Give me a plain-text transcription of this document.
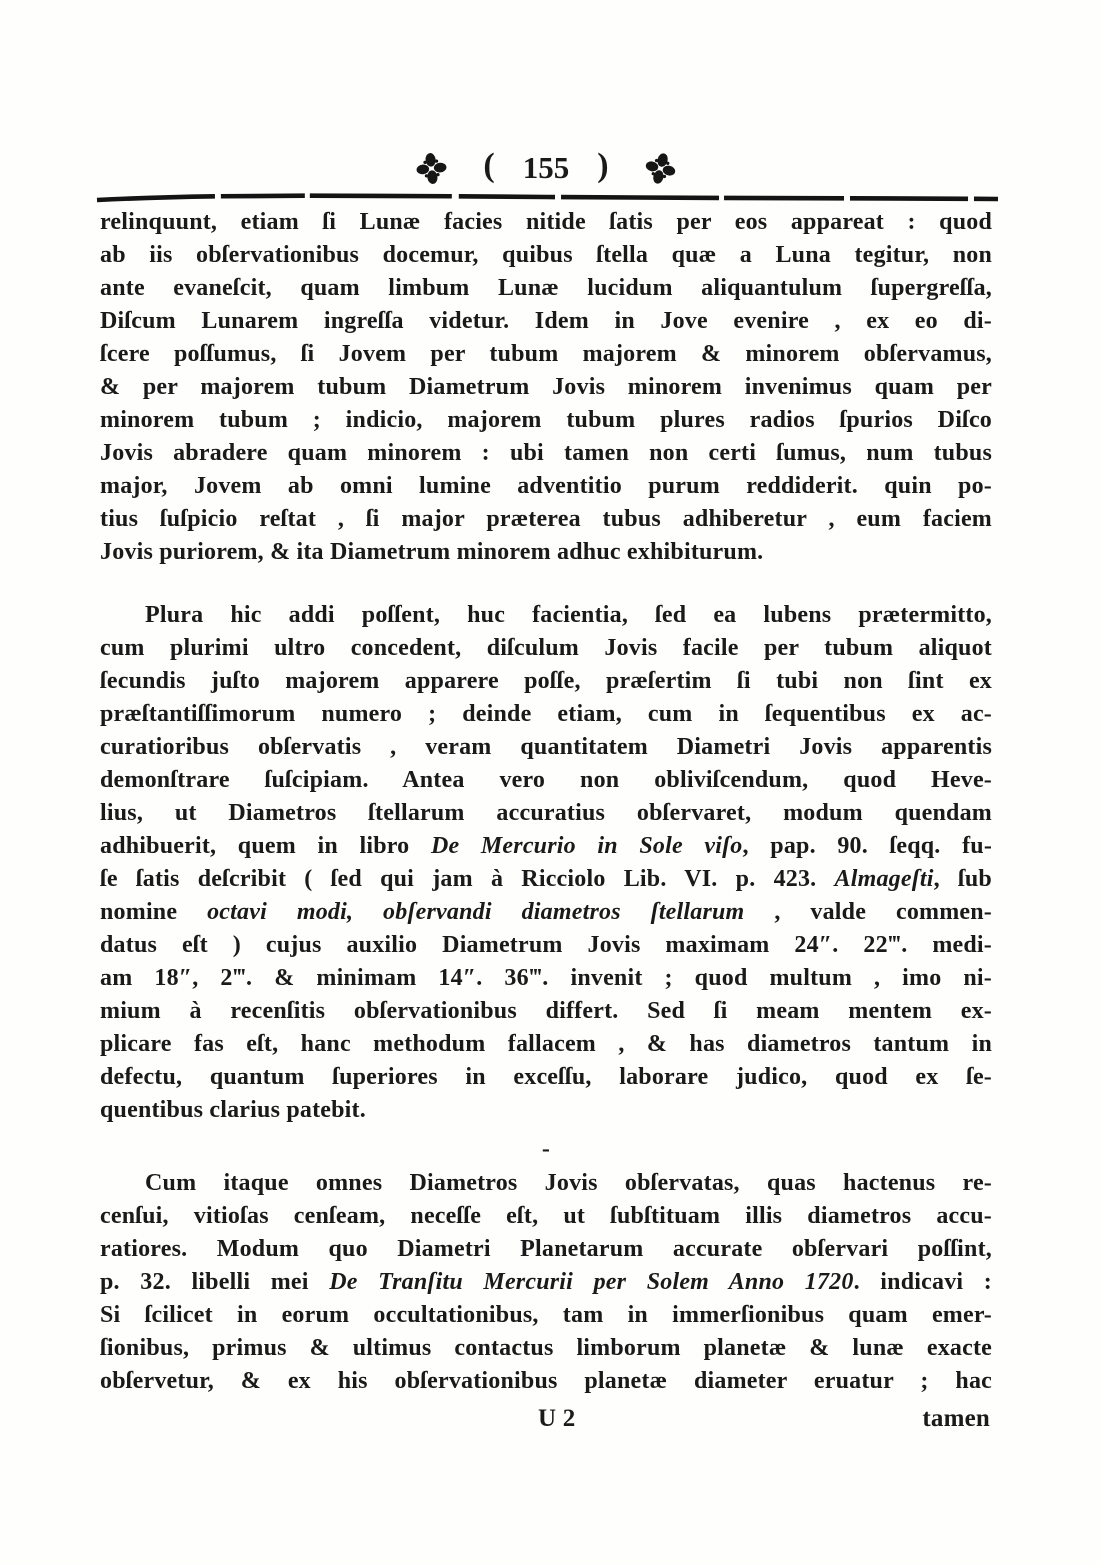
( 155 )
relinquunt, etiam ſi Lunæ facies nitide ſatis per eos appareat : quod
ab iis obſervationibus docemur, quibus ſtella quæ a Luna tegitur, non
ante evaneſcit, quam limbum Lunæ lucidum aliquantulum ſupergreſſa,
Diſcum Lunarem ingreſſa videtur. Idem in Jove evenire , ex eo di-
ſcere poſſumus, ſi Jovem per tubum majorem & minorem obſervamus,
& per majorem tubum Diametrum Jovis minorem invenimus quam per
minorem tubum ; indicio, majorem tubum plures radios ſpurios Diſco
Jovis abradere quam minorem : ubi tamen non certi ſumus, num tubus
major, Jovem ab omni lumine adventitio purum reddiderit. quin po-
tius ſuſpicio reſtat , ſi major præterea tubus adhiberetur , eum faciem
Jovis puriorem, & ita Diametrum minorem adhuc exhibiturum.
Plura hic addi poſſent, huc facientia, ſed ea lubens prætermitto,
cum plurimi ultro concedent, diſculum Jovis facile per tubum aliquot
ſecundis juſto majorem apparere poſſe, præſertim ſi tubi non ſint ex
præſtantiſſimorum numero ; deinde etiam, cum in ſequentibus ex ac-
curatioribus obſervatis , veram quantitatem Diametri Jovis apparentis
demonſtrare ſuſcipiam. Antea vero non obliviſcendum, quod Heve-
lius, ut Diametros ſtellarum accuratius obſervaret, modum quendam
adhibuerit, quem in libro De Mercurio in Sole viſo, pap. 90. ſeqq. fu-
ſe ſatis deſcribit ( ſed qui jam à Ricciolo Lib. VI. p. 423. Almageſti, ſub
nomine octavi modi, obſervandi diametros ſtellarum , valde commen-
datus eſt ) cujus auxilio Diametrum Jovis maximam 24″. 22‴. medi-
am 18″, 2‴. & minimam 14″. 36‴. invenit ; quod multum , imo ni-
mium à recenſitis obſervationibus differt. Sed ſi meam mentem ex-
plicare fas eſt, hanc methodum fallacem , & has diametros tantum in
defectu, quantum ſuperiores in exceſſu, laborare judico, quod ex ſe-
quentibus clarius patebit.
-
Cum itaque omnes Diametros Jovis obſervatas, quas hactenus re-
cenſui, vitioſas cenſeam, neceſſe eſt, ut ſubſtituam illis diametros accu-
ratiores. Modum quo Diametri Planetarum accurate obſervari poſſint,
p. 32. libelli mei De Tranſitu Mercurii per Solem Anno 1720. indicavi :
Si ſcilicet in eorum occultationibus, tam in immerſionibus quam emer-
ſionibus, primus & ultimus contactus limborum planetæ & lunæ exacte
obſervetur, & ex his obſervationibus planetæ diameter eruatur ; hac
U 2	tamen
